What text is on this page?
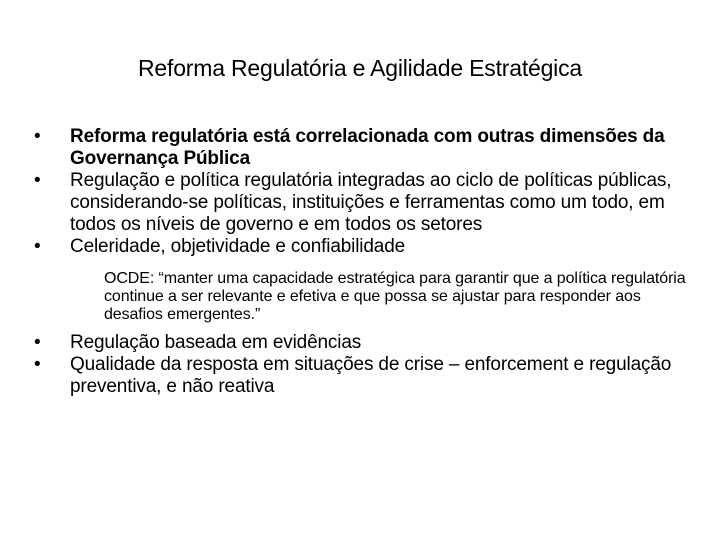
Reforma Regulatória e Agilidade Estratégica
•	Reforma regulatória está correlacionada com outras dimensões da Governança Pública
•	Regulação e política regulatória integradas ao ciclo de políticas públicas, considerando-se políticas, instituições e ferramentas como um todo, em todos os níveis de governo e em todos os setores
•	Celeridade, objetividade e confiabilidade
OCDE: “manter uma capacidade estratégica para garantir que a política regulatória continue a ser relevante e efetiva e que possa se ajustar para responder aos desafios emergentes.”
•	Regulação baseada em evidências
•	Qualidade da resposta em situações de crise – enforcement e regulação preventiva, e não reativa
